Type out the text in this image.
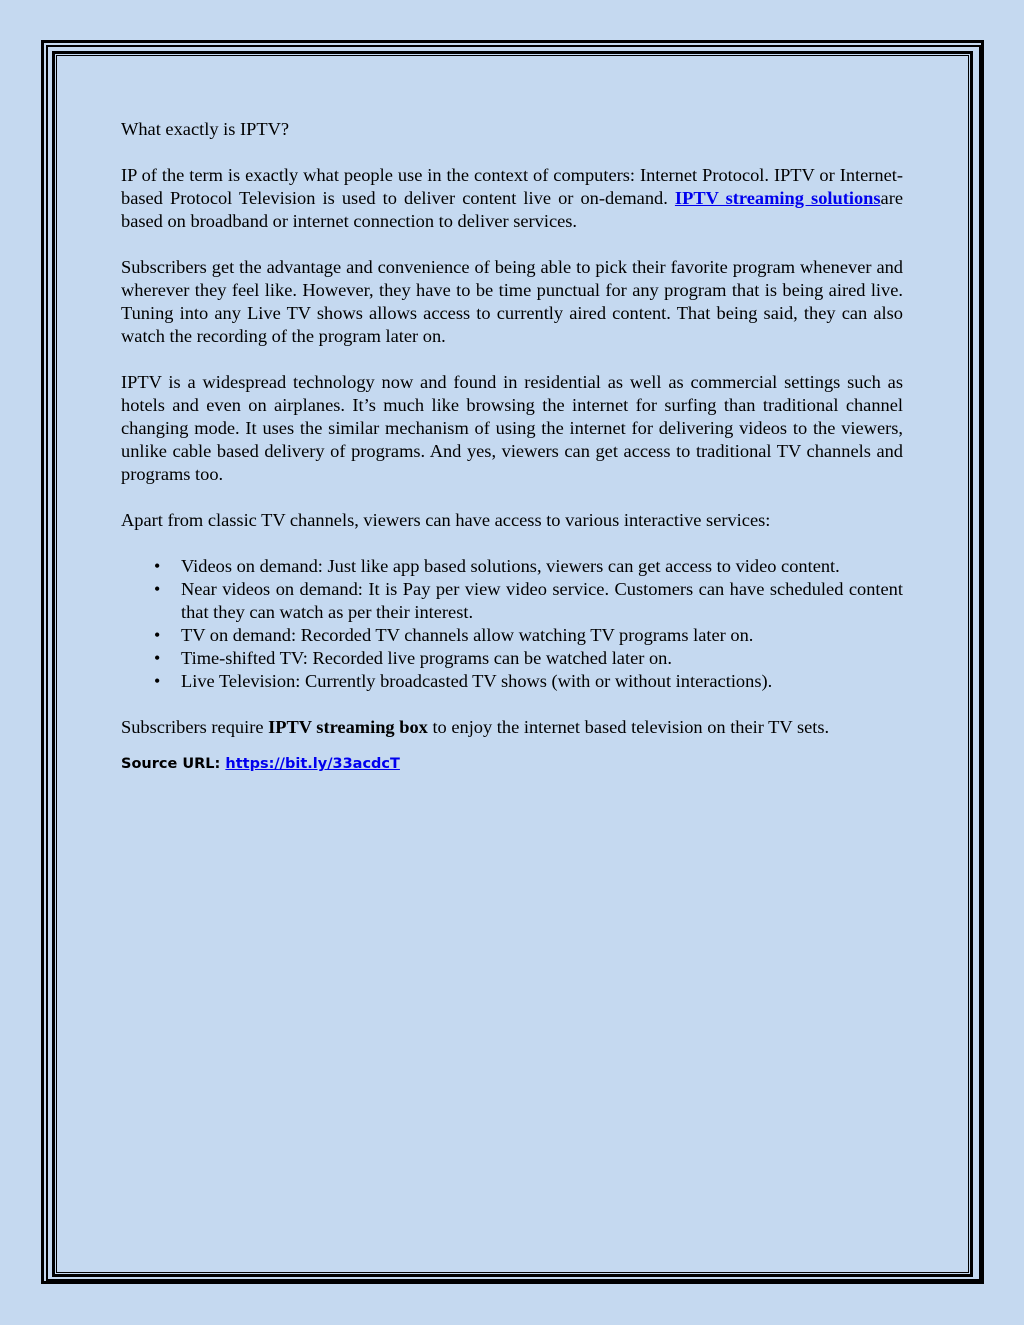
What exactly is IPTV?

IP of the term is exactly what people use in the context of computers: Internet Protocol. IPTV or Internet-based Protocol Television is used to deliver content live or on-demand. IPTV streaming solutionsare based on broadband or internet connection to deliver services.

Subscribers get the advantage and convenience of being able to pick their favorite program whenever and wherever they feel like. However, they have to be time punctual for any program that is being aired live. Tuning into any Live TV shows allows access to currently aired content. That being said, they can also watch the recording of the program later on.

IPTV is a widespread technology now and found in residential as well as commercial settings such as hotels and even on airplanes. It’s much like browsing the internet for surfing than traditional channel changing mode. It uses the similar mechanism of using the internet for delivering videos to the viewers, unlike cable based delivery of programs. And yes, viewers can get access to traditional TV channels and programs too.

Apart from classic TV channels, viewers can have access to various interactive services:

• Videos on demand: Just like app based solutions, viewers can get access to video content.
• Near videos on demand: It is Pay per view video service. Customers can have scheduled content that they can watch as per their interest.
• TV on demand: Recorded TV channels allow watching TV programs later on.
• Time-shifted TV: Recorded live programs can be watched later on.
• Live Television: Currently broadcasted TV shows (with or without interactions).

Subscribers require IPTV streaming box to enjoy the internet based television on their TV sets.

Source URL: https://bit.ly/33acdcT
